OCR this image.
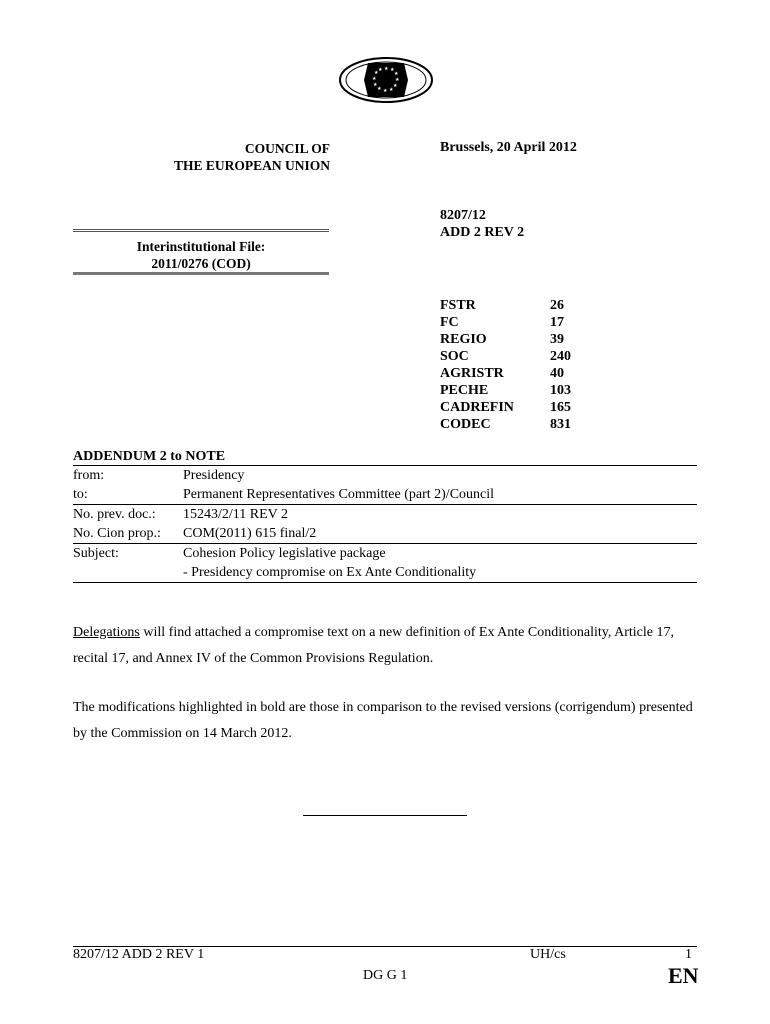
★ ★
★
★
★
★
★
★
★
★
★ ★
COUNCIL OF
THE EUROPEAN UNION
Brussels, 20 April 2012
8207/12
ADD 2 REV 2
Interinstitutional File:
2011/0276 (COD)
FSTR	26
FC	17
REGIO	39
SOC	240
AGRISTR	40
PECHE	103
CADREFIN	165
CODEC	831
ADDENDUM 2 to NOTE
from:	Presidency
to:	Permanent Representatives Committee (part 2)/Council
No. prev. doc.:	15243/2/11 REV 2
No. Cion prop.:	COM(2011) 615 final/2
Subject:	Cohesion Policy legislative package
- Presidency compromise on Ex Ante Conditionality
Delegations will find attached a compromise text on a new definition of Ex Ante Conditionality, Article 17, recital 17, and Annex IV of the Common Provisions Regulation.
The modifications highlighted in bold are those in comparison to the revised versions (corrigendum) presented by the Commission on 14 March 2012.
8207/12 ADD 2 REV 1	UH/cs	1
DG G 1	EN
